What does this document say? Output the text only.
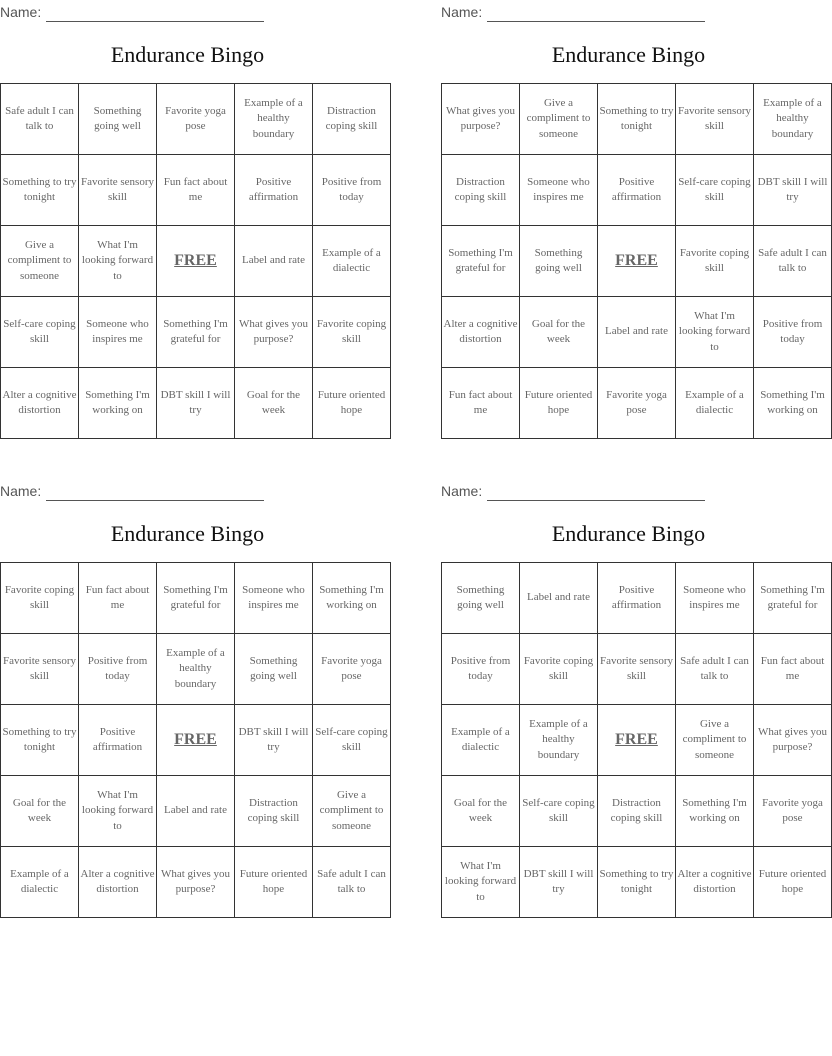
Name:
Endurance Bingo
Safe adult I can talk to	Something going well	Favorite yoga pose	Example of a healthy boundary	Distraction coping skill
Something to try tonight	Favorite sensory skill	Fun fact about me	Positive affirmation	Positive from today
Give a compliment to someone	What I'm looking forward to	FREE	Label and rate	Example of a dialectic
Self-care coping skill	Someone who inspires me	Something I'm grateful for	What gives you purpose?	Favorite coping skill
Alter a cognitive distortion	Something I'm working on	DBT skill I will try	Goal for the week	Future oriented hope
Name:
Endurance Bingo
What gives you purpose?	Give a compliment to someone	Something to try tonight	Favorite sensory skill	Example of a healthy boundary
Distraction coping skill	Someone who inspires me	Positive affirmation	Self-care coping skill	DBT skill I will try
Something I'm grateful for	Something going well	FREE	Favorite coping skill	Safe adult I can talk to
Alter a cognitive distortion	Goal for the week	Label and rate	What I'm looking forward to	Positive from today
Fun fact about me	Future oriented hope	Favorite yoga pose	Example of a dialectic	Something I'm working on
Name:
Endurance Bingo
Favorite coping skill	Fun fact about me	Something I'm grateful for	Someone who inspires me	Something I'm working on
Favorite sensory skill	Positive from today	Example of a healthy boundary	Something going well	Favorite yoga pose
Something to try tonight	Positive affirmation	FREE	DBT skill I will try	Self-care coping skill
Goal for the week	What I'm looking forward to	Label and rate	Distraction coping skill	Give a compliment to someone
Example of a dialectic	Alter a cognitive distortion	What gives you purpose?	Future oriented hope	Safe adult I can talk to
Name:
Endurance Bingo
Something going well	Label and rate	Positive affirmation	Someone who inspires me	Something I'm grateful for
Positive from today	Favorite coping skill	Favorite sensory skill	Safe adult I can talk to	Fun fact about me
Example of a dialectic	Example of a healthy boundary	FREE	Give a compliment to someone	What gives you purpose?
Goal for the week	Self-care coping skill	Distraction coping skill	Something I'm working on	Favorite yoga pose
What I'm looking forward to	DBT skill I will try	Something to try tonight	Alter a cognitive distortion	Future oriented hope
